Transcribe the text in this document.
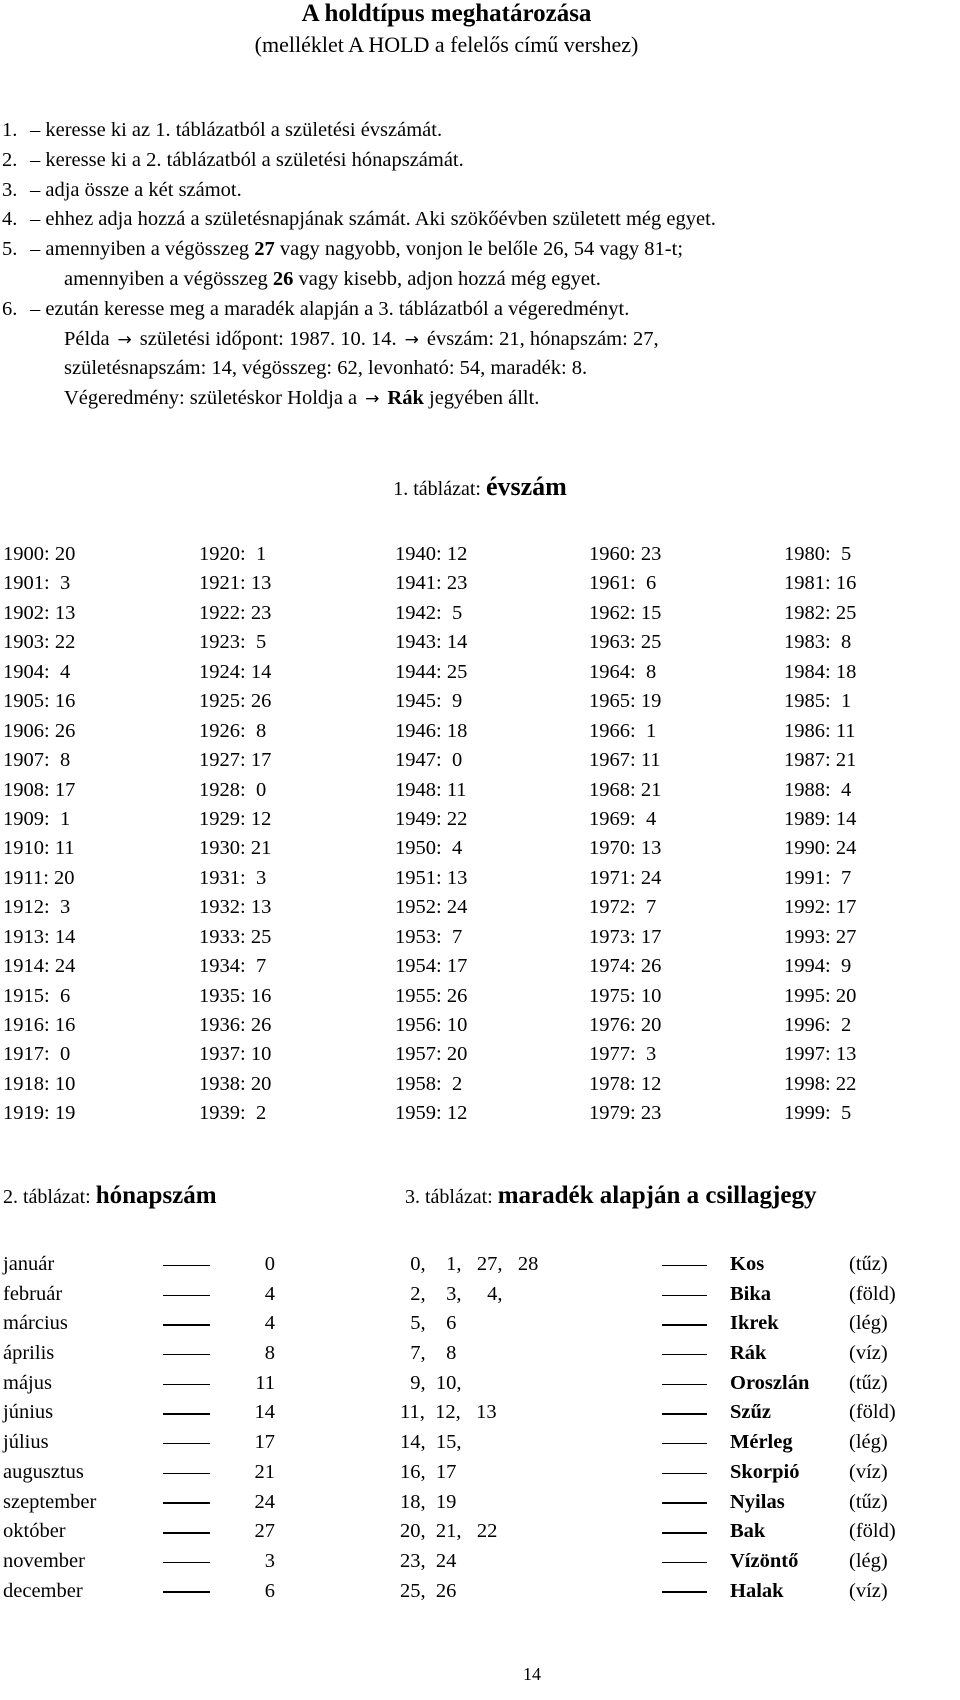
A holdtípus meghatározása
(melléklet A HOLD a felelős című vershez)
1. – keresse ki az 1. táblázatból a születési évszámát.
2. – keresse ki a 2. táblázatból a születési hónapszámát.
3. – adja össze a két számot.
4. – ehhez adja hozzá a születésnapjának számát. Aki szökőévben született még egyet.
5. – amennyiben a végösszeg 27 vagy nagyobb, vonjon le belőle 26, 54 vagy 81-t;
amennyiben a végösszeg 26 vagy kisebb, adjon hozzá még egyet.
6. – ezután keresse meg a maradék alapján a 3. táblázatból a végeredményt.
Példa → születési időpont: 1987. 10. 14. → évszám: 21, hónapszám: 27,
születésnapszám: 14, végösszeg: 62, levonható: 54, maradék: 8.
Végeredmény: születéskor Holdja a → Rák jegyében állt.
1. táblázat: évszám
1900: 20
1901:  3
1902: 13
1903: 22
1904:  4
1905: 16
1906: 26
1907:  8
1908: 17
1909:  1
1910: 11
1911: 20
1912:  3
1913: 14
1914: 24
1915:  6
1916: 16
1917:  0
1918: 10
1919: 19
1920:  1
1921: 13
1922: 23
1923:  5
1924: 14
1925: 26
1926:  8
1927: 17
1928:  0
1929: 12
1930: 21
1931:  3
1932: 13
1933: 25
1934:  7
1935: 16
1936: 26
1937: 10
1938: 20
1939:  2
1940: 12
1941: 23
1942:  5
1943: 14
1944: 25
1945:  9
1946: 18
1947:  0
1948: 11
1949: 22
1950:  4
1951: 13
1952: 24
1953:  7
1954: 17
1955: 26
1956: 10
1957: 20
1958:  2
1959: 12
1960: 23
1961:  6
1962: 15
1963: 25
1964:  8
1965: 19
1966:  1
1967: 11
1968: 21
1969:  4
1970: 13
1971: 24
1972:  7
1973: 17
1974: 26
1975: 10
1976: 20
1977:  3
1978: 12
1979: 23
1980:  5
1981: 16
1982: 25
1983:  8
1984: 18
1985:  1
1986: 11
1987: 21
1988:  4
1989: 14
1990: 24
1991:  7
1992: 17
1993: 27
1994:  9
1995: 20
1996:  2
1997: 13
1998: 22
1999:  5
2. táblázat: hónapszám	3. táblázat: maradék alapján a csillagjegy
január	0
február	4
március	4
április	8
május	11
június	14
július	17
augusztus	21
szeptember	24
október	27
november	3
december	6
0,    1,   27,   28	Kos	(tűz)
2,    3,     4,	Bika	(föld)
5,    6	Ikrek	(lég)
7,    8	Rák	(víz)
9,  10,	Oroszlán (tűz)
11,  12,   13	Szűz	(föld)
14,  15,	Mérleg	(lég)
16,  17	Skorpió (víz)
18,  19	Nyilas	(tűz)
20,  21,   22	Bak	(föld)
23,  24	Vízöntő (lég)
25,  26	Halak	(víz)
14
